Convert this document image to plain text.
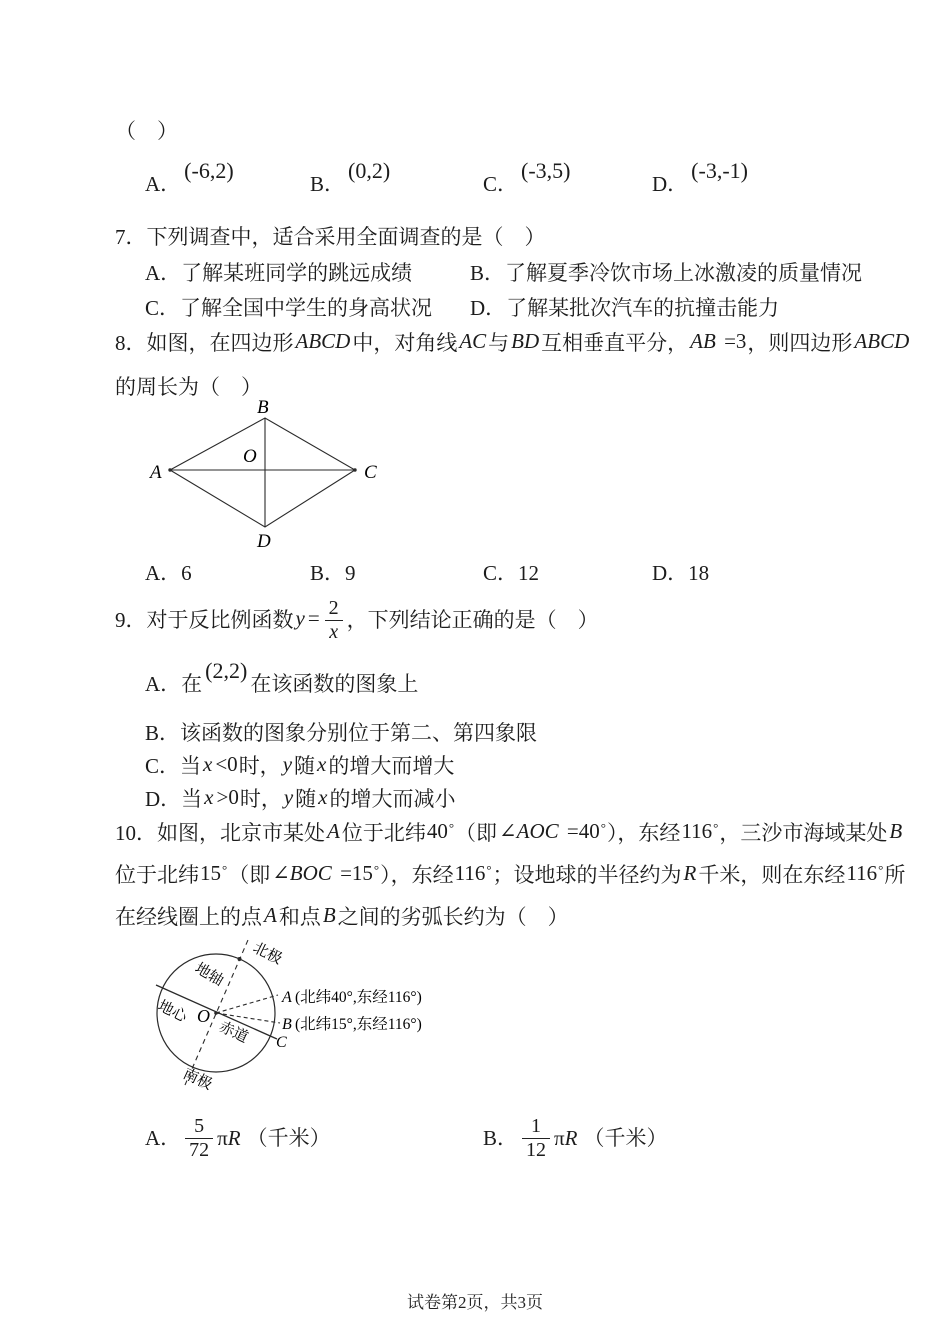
（　）
A．(-6,2)
B．(0,2)
C．(-3,5)
D．(-3,-1)
7．下列调查中，适合采用全面调查的是（　）
A．了解某班同学的跳远成绩	B．了解夏季冷饮市场上冰激凌的质量情况
C．了解全国中学生的身高状况 D．了解某批次汽车的抗撞击能力
8．如图，在四边形ABCD中，对角线AC与BD互相垂直平分，AB =3，则四边形ABCD
的周长为（　）
A
B
C
D
O
A．6	B．9	C．12	D．18
9．对于反比例函数 $y = \frac{2}{x}$ ，下列结论正确的是（　）
A．在(2,2)在该函数的图象上
B．该函数的图象分别位于第二、第四象限
C．当x <0时，y随x的增大而增大
D．当x >0时，y随x的增大而减小
10．如图，北京市某处A位于北纬40°（即∠AOC =40°），东经116°，三沙市海域某处B
位于北纬15°（即∠BOC =15°），东经116°；设地球的半径约为R千米，则在东经116°所
在经线圈上的点A和点B之间的劣弧长约为（　）
北极
地轴
地心 O
赤道
南极
A (北纬40°,东经116°)
B (北纬15°,东经116°)
C
A． $\frac{5}{72}$ π R （千米）	B． $\frac{1}{12}$ π R （千米）
试卷第2页，共3页
